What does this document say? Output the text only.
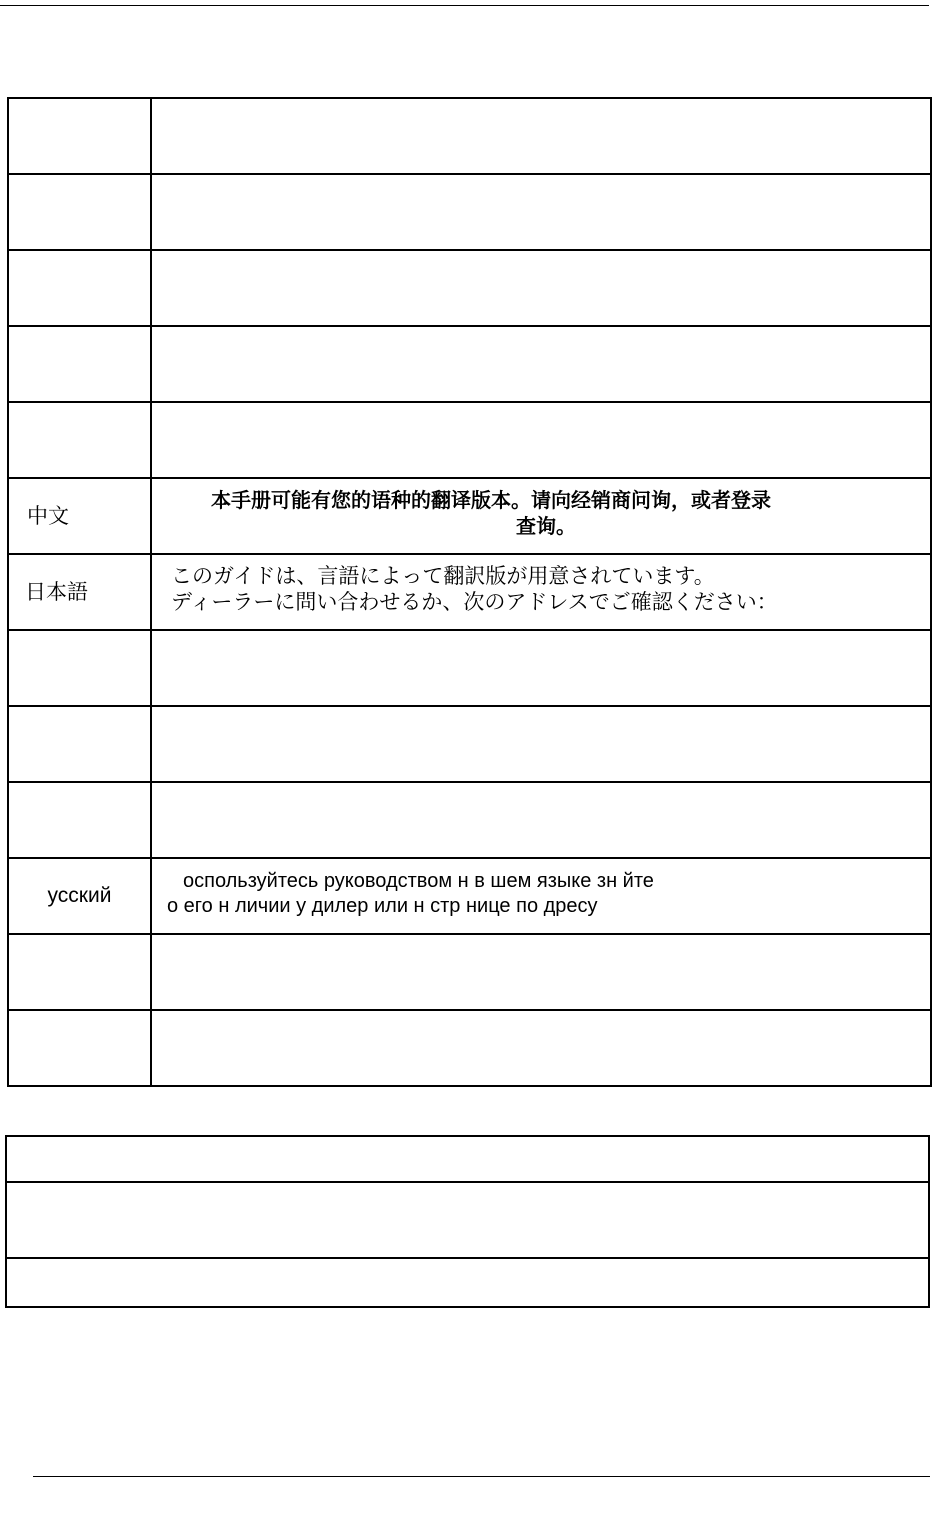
中文	本手册可能有您的语种的翻译版本。请向经销商问询，或者登录
查询。

日本語	このガイドは、言語によって翻訳版が用意されています。
ディーラーに問い合わせるか、次のアドレスでご確認ください：

усский	оспользуйтесь руководством н в шем языке зн йте
о его н личии у дилер или н стр нице по дресу
